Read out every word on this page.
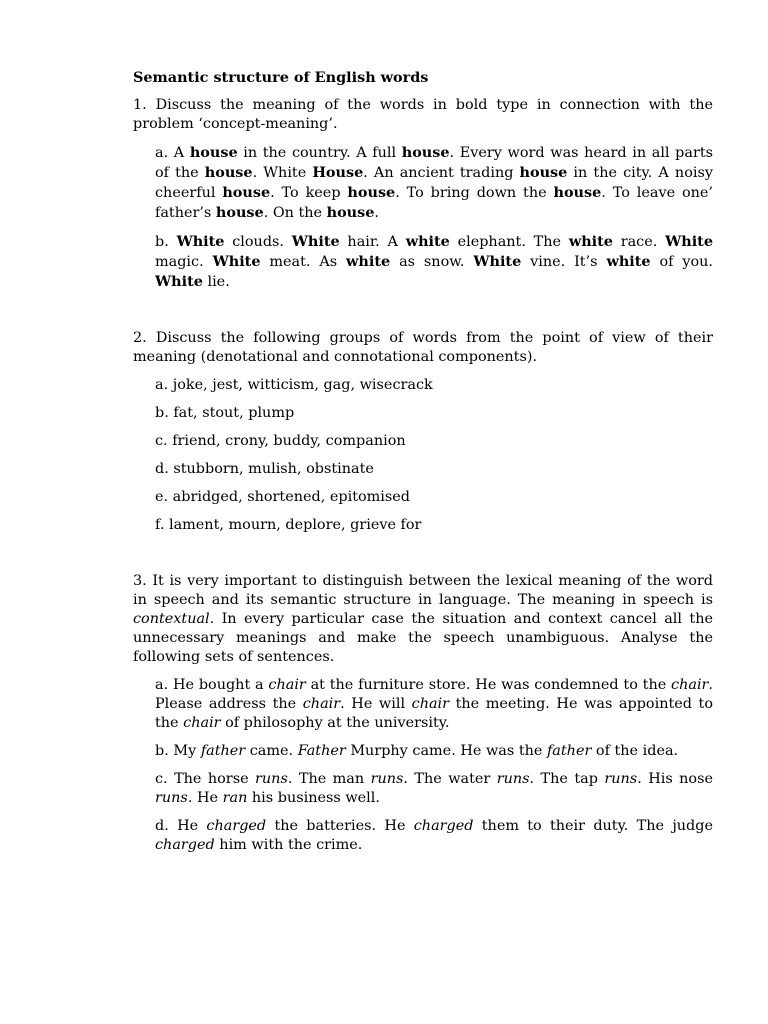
Semantic structure of English words

1. Discuss the meaning of the words in bold type in connection with the problem ‘concept-meaning’.

a. A house in the country. A full house. Every word was heard in all parts of the house. White House. An ancient trading house in the city. A noisy cheerful house. To keep house. To bring down the house. To leave one’ father’s house. On the house.

b. White clouds. White hair. A white elephant. The white race. White magic. White meat. As white as snow. White vine. It’s white of you. White lie.

2. Discuss the following groups of words from the point of view of their meaning (denotational and connotational components).

a. joke, jest, witticism, gag, wisecrack

b. fat, stout, plump

c. friend, crony, buddy, companion

d. stubborn, mulish, obstinate

e. abridged, shortened, epitomised

f. lament, mourn, deplore, grieve for

3. It is very important to distinguish between the lexical meaning of the word in speech and its semantic structure in language. The meaning in speech is contextual. In every particular case the situation and context cancel all the unnecessary meanings and make the speech unambiguous. Analyse the following sets of sentences.

a. He bought a chair at the furniture store. He was condemned to the chair. Please address the chair. He will chair the meeting. He was appointed to the chair of philosophy at the university.

b. My father came. Father Murphy came. He was the father of the idea.

c. The horse runs. The man runs. The water runs. The tap runs. His nose runs. He ran his business well.

d. He charged the batteries. He charged them to their duty. The judge charged him with the crime.
